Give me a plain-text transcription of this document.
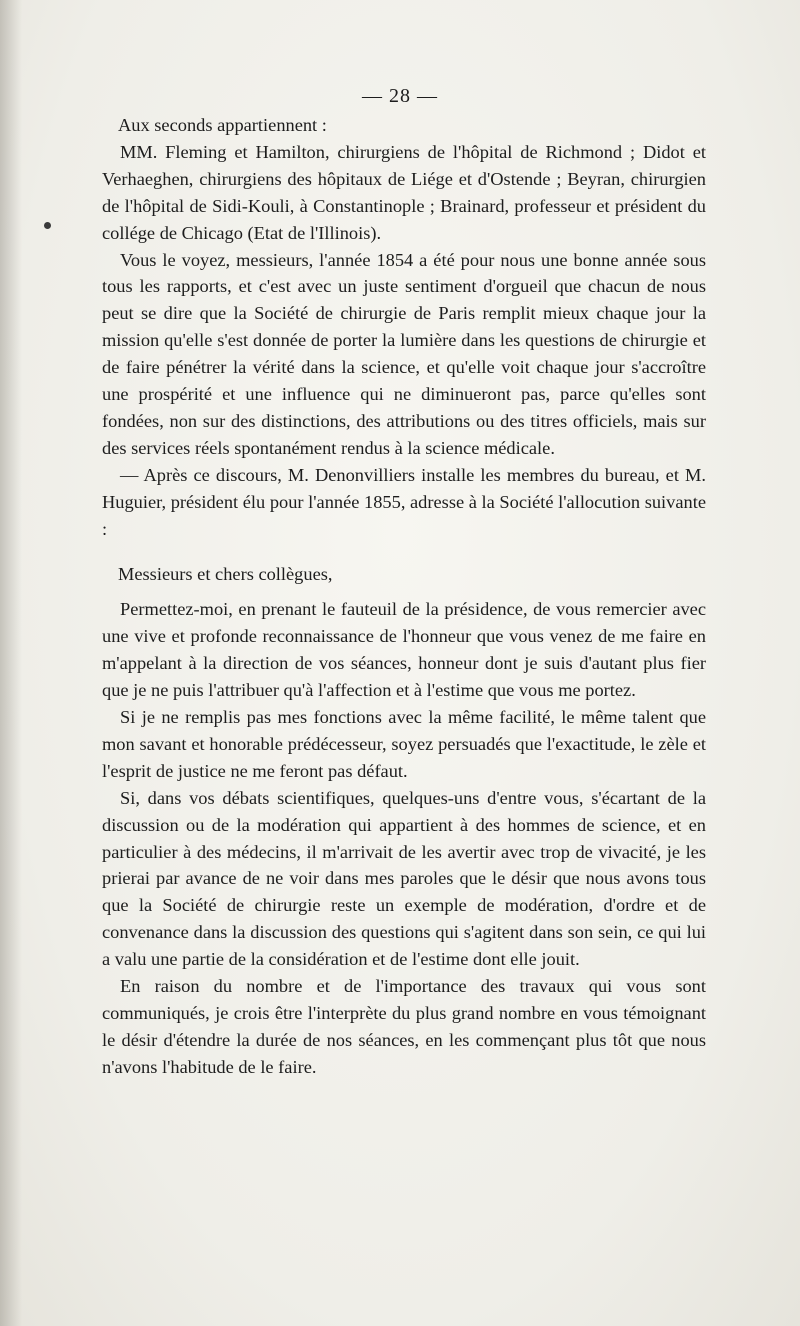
— 28 —

Aux seconds appartiennent :

MM. Fleming et Hamilton, chirurgiens de l'hôpital de Richmond ; Didot et Verhaeghen, chirurgiens des hôpitaux de Liége et d'Ostende ; Beyran, chirurgien de l'hôpital de Sidi-Kouli, à Constantinople ; Brainard, professeur et président du collége de Chicago (Etat de l'Illinois).

Vous le voyez, messieurs, l'année 1854 a été pour nous une bonne année sous tous les rapports, et c'est avec un juste sentiment d'orgueil que chacun de nous peut se dire que la Société de chirurgie de Paris remplit mieux chaque jour la mission qu'elle s'est donnée de porter la lumière dans les questions de chirurgie et de faire pénétrer la vérité dans la science, et qu'elle voit chaque jour s'accroître une prospérité et une influence qui ne diminueront pas, parce qu'elles sont fondées, non sur des distinctions, des attributions ou des titres officiels, mais sur des services réels spontanément rendus à la science médicale.

— Après ce discours, M. Denonvilliers installe les membres du bureau, et M. Huguier, président élu pour l'année 1855, adresse à la Société l'allocution suivante :

Messieurs et chers collègues,

Permettez-moi, en prenant le fauteuil de la présidence, de vous remercier avec une vive et profonde reconnaissance de l'honneur que vous venez de me faire en m'appelant à la direction de vos séances, honneur dont je suis d'autant plus fier que je ne puis l'attribuer qu'à l'affection et à l'estime que vous me portez.

Si je ne remplis pas mes fonctions avec la même facilité, le même talent que mon savant et honorable prédécesseur, soyez persuadés que l'exactitude, le zèle et l'esprit de justice ne me feront pas défaut.

Si, dans vos débats scientifiques, quelques-uns d'entre vous, s'écartant de la discussion ou de la modération qui appartient à des hommes de science, et en particulier à des médecins, il m'arrivait de les avertir avec trop de vivacité, je les prierai par avance de ne voir dans mes paroles que le désir que nous avons tous que la Société de chirurgie reste un exemple de modération, d'ordre et de convenance dans la discussion des questions qui s'agitent dans son sein, ce qui lui a valu une partie de la considération et de l'estime dont elle jouit.

En raison du nombre et de l'importance des travaux qui vous sont communiqués, je crois être l'interprète du plus grand nombre en vous témoignant le désir d'étendre la durée de nos séances, en les commençant plus tôt que nous n'avons l'habitude de le faire.
